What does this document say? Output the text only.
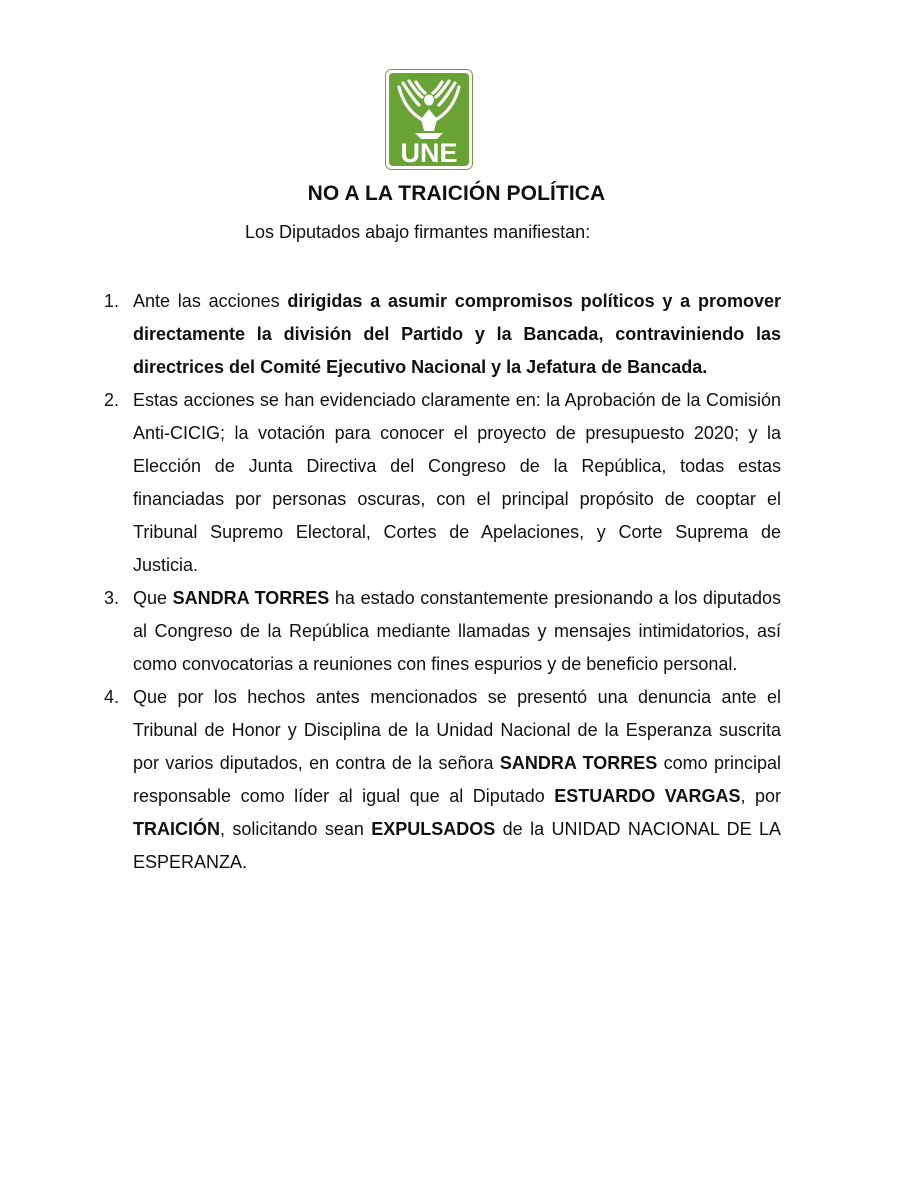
UNE
NO A LA TRAICIÓN POLÍTICA
Los Diputados abajo firmantes manifiestan:
1. Ante las acciones dirigidas a asumir compromisos políticos y a promover directamente la división del Partido y la Bancada, contraviniendo las directrices del Comité Ejecutivo Nacional y la Jefatura de Bancada.
2. Estas acciones se han evidenciado claramente en: la Aprobación de la Comisión Anti-CICIG; la votación para conocer el proyecto de presupuesto 2020; y la Elección de Junta Directiva del Congreso de la República, todas estas financiadas por personas oscuras, con el principal propósito de cooptar el Tribunal Supremo Electoral, Cortes de Apelaciones, y Corte Suprema de Justicia.
3. Que SANDRA TORRES ha estado constantemente presionando a los diputados al Congreso de la República mediante llamadas y mensajes intimidatorios, así como convocatorias a reuniones con fines espurios y de beneficio personal.
4. Que por los hechos antes mencionados se presentó una denuncia ante el Tribunal de Honor y Disciplina de la Unidad Nacional de la Esperanza suscrita por varios diputados, en contra de la señora SANDRA TORRES como principal responsable como líder al igual que al Diputado ESTUARDO VARGAS, por TRAICIÓN, solicitando sean EXPULSADOS de la UNIDAD NACIONAL DE LA ESPERANZA.
